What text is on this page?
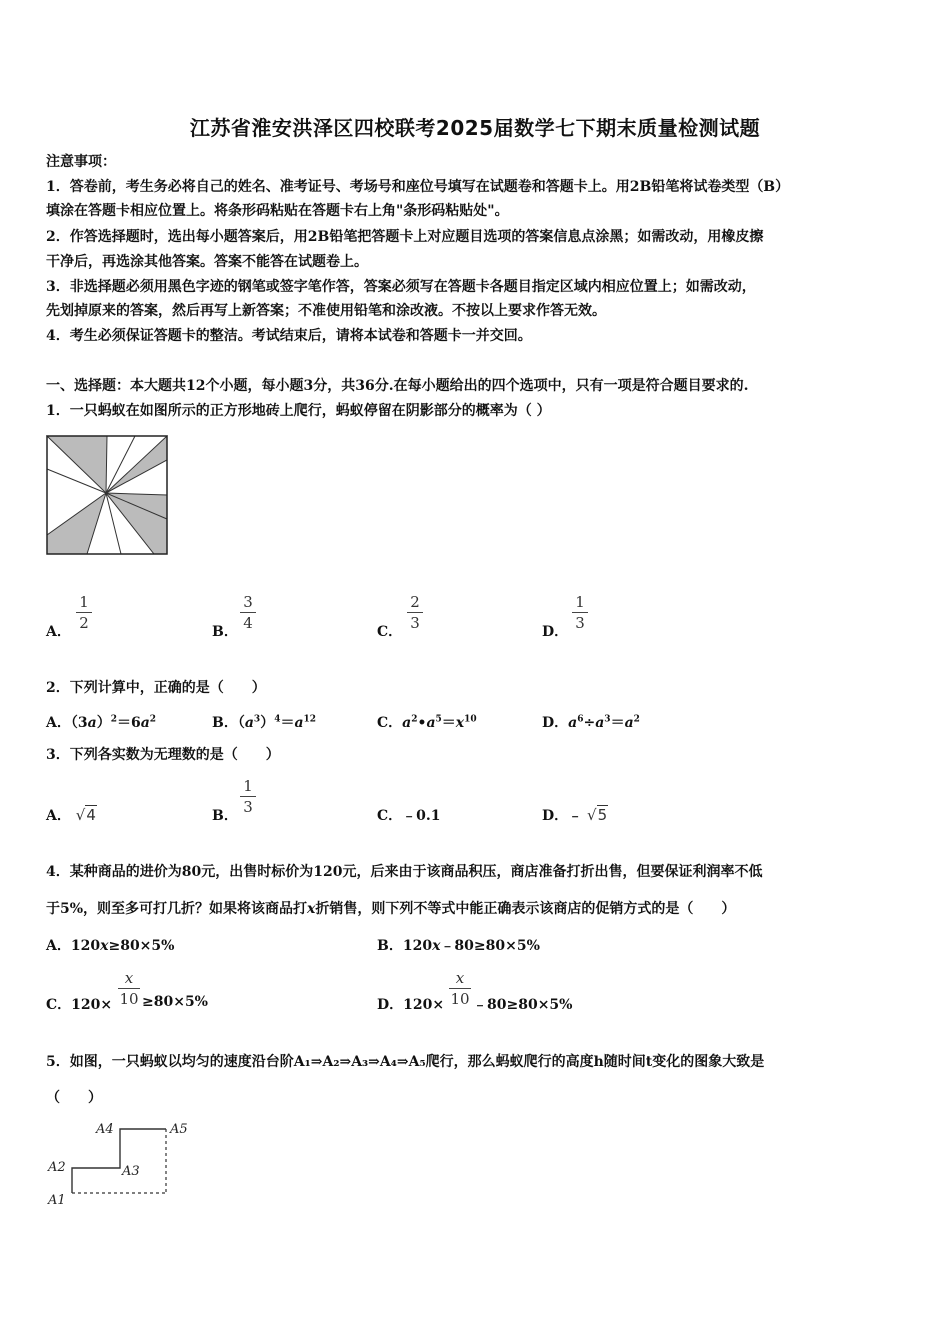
江苏省淮安洪泽区四校联考2025届数学七下期末质量检测试题
注意事项：
1．答卷前，考生务必将自己的姓名、准考证号、考场号和座位号填写在试题卷和答题卡上。用2B铅笔将试卷类型（B）
填涂在答题卡相应位置上。将条形码粘贴在答题卡右上角"条形码粘贴处"。
2．作答选择题时，选出每小题答案后，用2B铅笔把答题卡上对应题目选项的答案信息点涂黑；如需改动，用橡皮擦
干净后，再选涂其他答案。答案不能答在试题卷上。
3．非选择题必须用黑色字迹的钢笔或签字笔作答，答案必须写在答题卡各题目指定区域内相应位置上；如需改动，
先划掉原来的答案，然后再写上新答案；不准使用铅笔和涂改液。不按以上要求作答无效。
4．考生必须保证答题卡的整洁。考试结束后，请将本试卷和答题卡一并交回。
一、选择题：本大题共12个小题，每小题3分，共36分.在每小题给出的四个选项中，只有一项是符合题目要求的.
1．一只蚂蚁在如图所示的正方形地砖上爬行，蚂蚁停留在阴影部分的概率为（ ）
A．
1
2	B．
3
4	C．
2
3	D．
1
3
2．下列计算中，正确的是（　　）
A．$(3a)^2=6a^2$	B．$(a^3)^4=a^{12}$	C．$a^2•a^5=x^{10}$	D．$a^6\div a^3=a^2$
3．下列各实数为无理数的是（　　）
A． √4	B．
1
3	C．﹣0.1	D．﹣ √5
4．某种商品的进价为80元，出售时标价为120元，后来由于该商品积压，商店准备打折出售，但要保证利润率不低
于5%，则至多可打几折？如果将该商品打x折销售，则下列不等式中能正确表示该商店的促销方式的是（　　）
A．120x≥80×5%	B．120x﹣80≥80×5%
C．120×
x
10 ≥80×5%	D．120×
x
10 ﹣80≥80×5%
5．如图，一只蚂蚁以均匀的速度沿台阶A₁⇒A₂⇒A₃⇒A₄⇒A₅爬行，那么蚂蚁爬行的高度h随时间t变化的图象大致是
（　　）
A4	A5
A2	A3
A1
